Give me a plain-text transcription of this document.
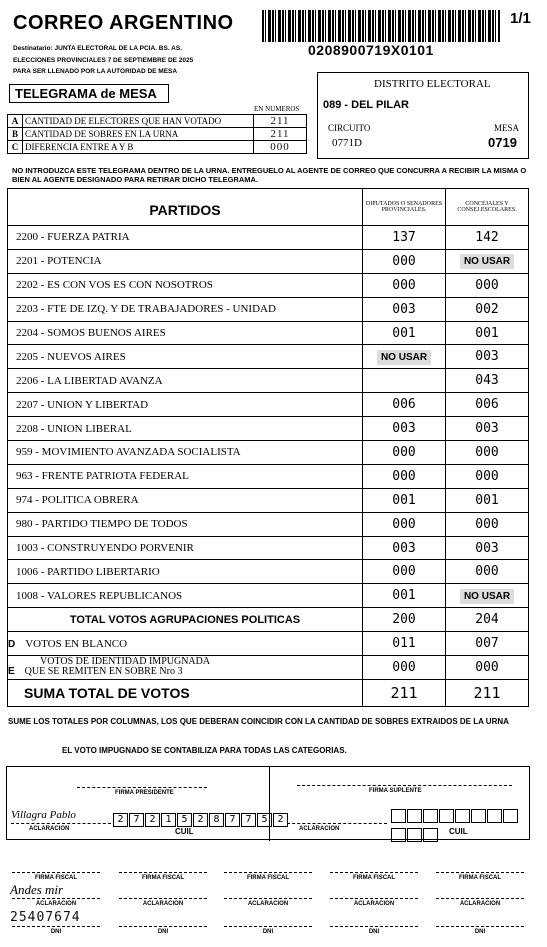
CORREO ARGENTINO	1/1
0208900719X0101
Destinatario: JUNTA ELECTORAL DE LA PCIA. BS. AS.
ELECCIONES PROVINCIALES 7 DE SEPTIEMBRE DE 2025
PARA SER LLENADO POR LA AUTORIDAD DE MESA
DISTRITO ELECTORAL
089 - DEL PILAR
CIRCUITO
0771D
MESA
0719
TELEGRAMA de MESA
EN NUMEROS
A	CANTIDAD DE ELECTORES QUE HAN VOTADO	211
B	CANTIDAD DE SOBRES EN LA URNA	211
C	DIFERENCIA ENTRE A Y B	000
NO INTRODUZCA ESTE TELEGRAMA DENTRO DE LA URNA. ENTREGUELO AL AGENTE DE CORREO QUE CONCURRA A RECIBIR LA MISMA O BIEN AL AGENTE DESIGNADO PARA RETIRAR DICHO TELEGRAMA.
PARTIDOS	DIPUTADOS O SENADORES PROVINCIALES.	CONCEJALES Y CONSEJ.ESCOLARES.
2200 - FUERZA PATRIA	137	142
2201 - POTENCIA	000	NO USAR
2202 - ES CON VOS ES CON NOSOTROS	000	000
2203 - FTE DE IZQ. Y DE TRABAJADORES - UNIDAD	003	002
2204 - SOMOS BUENOS AIRES	001	001
2205 - NUEVOS AIRES	NO USAR	003
2206 - LA LIBERTAD AVANZA		043
2207 - UNION Y LIBERTAD	006	006
2208 - UNION LIBERAL	003	003
959 - MOVIMIENTO AVANZADA SOCIALISTA	000	000
963 - FRENTE PATRIOTA FEDERAL	000	000
974 - POLITICA OBRERA	001	001
980 - PARTIDO TIEMPO DE TODOS	000	000
1003 - CONSTRUYENDO PORVENIR	003	003
1006 - PARTIDO LIBERTARIO	000	000
1008 - VALORES REPUBLICANOS	001	NO USAR
TOTAL VOTOS AGRUPACIONES POLITICAS	200	204
D VOTOS EN BLANCO	011	007

VOTOS DE IDENTIDAD IMPUGNADA
E QUE SE REMITEN EN SOBRE Nro 3	000	000
SUMA TOTAL DE VOTOS	211	211
SUME LOS TOTALES POR COLUMNAS, LOS QUE DEBERAN COINCIDIR CON LA CANTIDAD DE SOBRES EXTRAIDOS DE LA URNA
EL VOTO IMPUGNADO SE CONTABILIZA PARA TODAS LAS CATEGORIAS.
FIRMA PRESIDENTE	FIRMA SUPLENTE
Villagra Pablo
ACLARACION
2 7 2 1 5 2 8 7 7 5 2
CUIL	ACLARACION	CUIL
FIRMA FISCAL
ACLARACION
DNI
Andes mir
25407674
FIRMA FISCAL
ACLARACION
DNI
FIRMA FISCAL
ACLARACION
DNI
FIRMA FISCAL
ACLARACION
DNI
FIRMA FISCAL
ACLARACION
DNI
